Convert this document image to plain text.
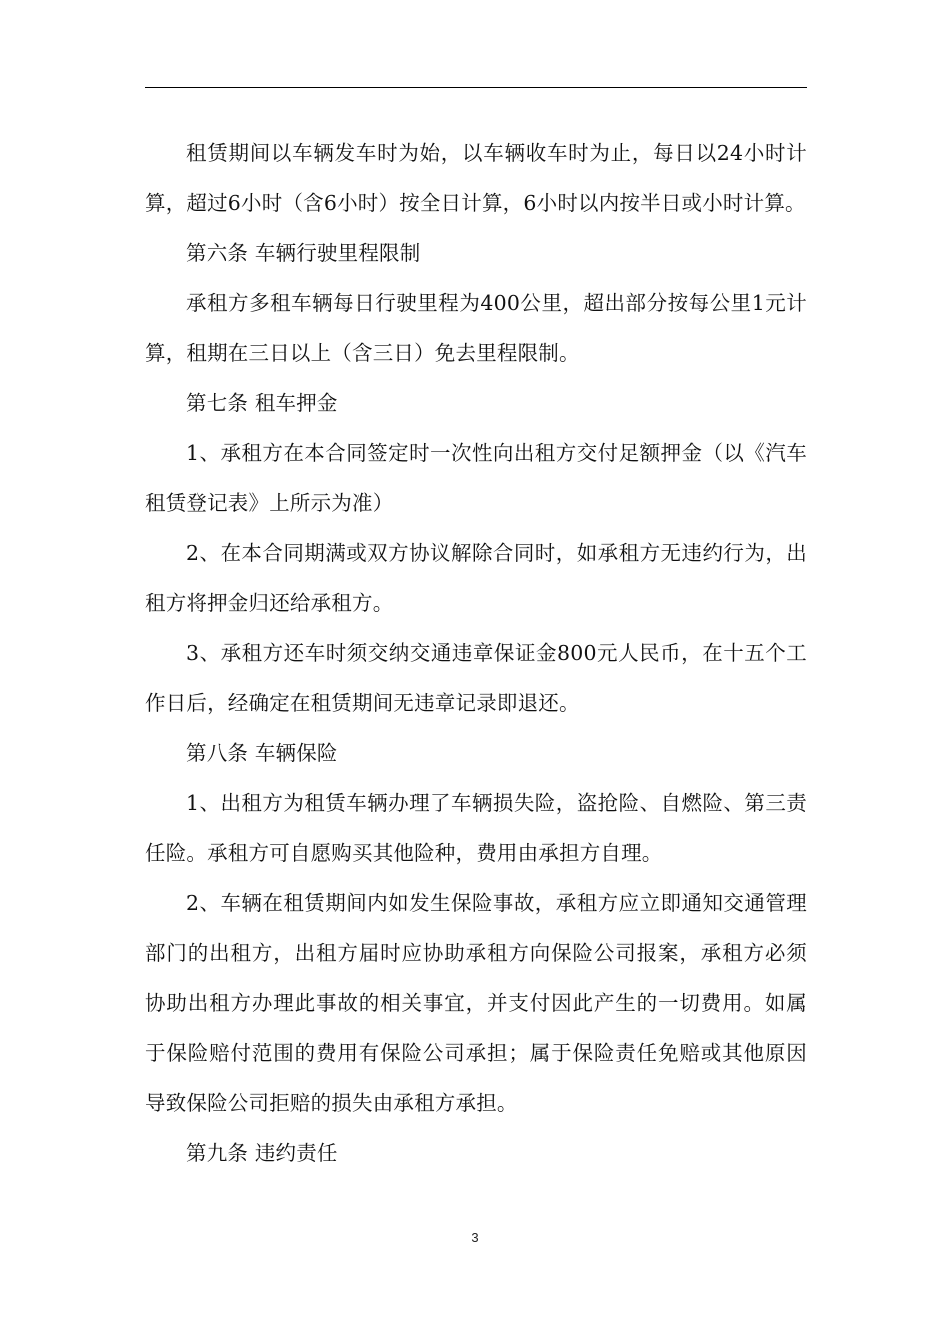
租赁期间以车辆发车时为始，以车辆收车时为止，每日以24小时计算，超过6小时（含6小时）按全日计算，6小时以内按半日或小时计算。

第六条 车辆行驶里程限制

承租方多租车辆每日行驶里程为400公里，超出部分按每公里1元计算，租期在三日以上（含三日）免去里程限制。

第七条 租车押金

1、承租方在本合同签定时一次性向出租方交付足额押金（以《汽车租赁登记表》上所示为准）

2、在本合同期满或双方协议解除合同时，如承租方无违约行为，出租方将押金归还给承租方。

3、承租方还车时须交纳交通违章保证金800元人民币，在十五个工作日后，经确定在租赁期间无违章记录即退还。

第八条 车辆保险

1、出租方为租赁车辆办理了车辆损失险，盗抢险、自燃险、第三责任险。承租方可自愿购买其他险种，费用由承担方自理。

2、车辆在租赁期间内如发生保险事故，承租方应立即通知交通管理部门的出租方，出租方届时应协助承租方向保险公司报案，承租方必须协助出租方办理此事故的相关事宜，并支付因此产生的一切费用。如属于保险赔付范围的费用有保险公司承担；属于保险责任免赔或其他原因导致保险公司拒赔的损失由承租方承担。

第九条 违约责任

3
